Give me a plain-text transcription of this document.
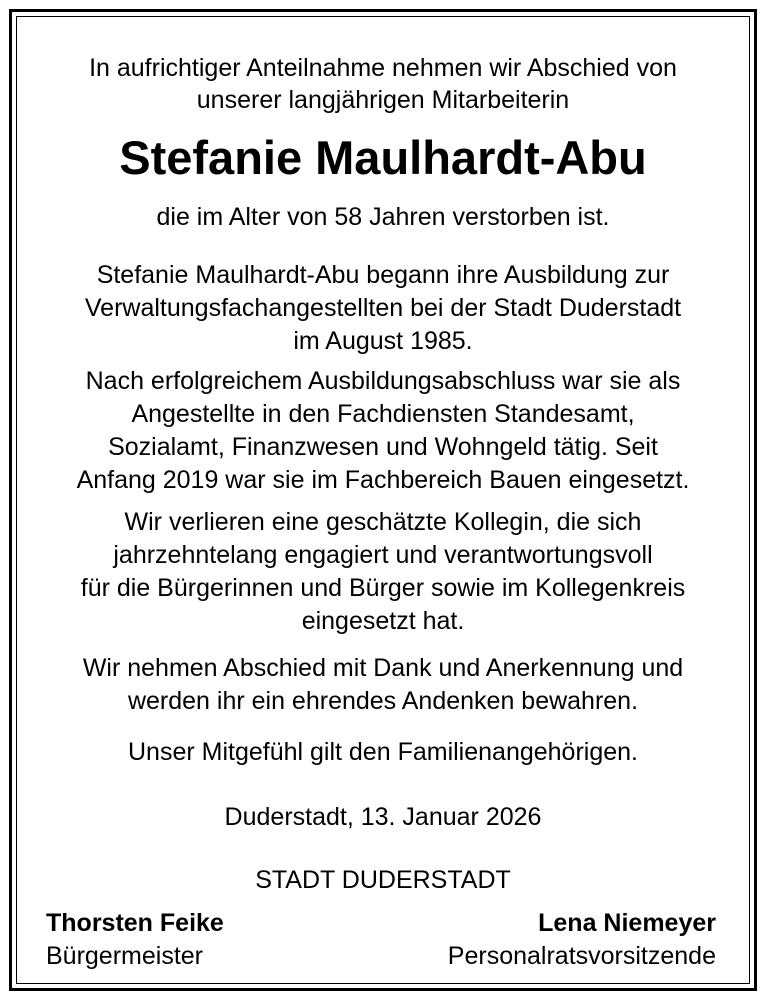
In aufrichtiger Anteilnahme nehmen wir Abschied von
unserer langjährigen Mitarbeiterin
Stefanie Maulhardt-Abu
die im Alter von 58 Jahren verstorben ist.
Stefanie Maulhardt-Abu begann ihre Ausbildung zur
Verwaltungsfachangestellten bei der Stadt Duderstadt
im August 1985.
Nach erfolgreichem Ausbildungsabschluss war sie als
Angestellte in den Fachdiensten Standesamt,
Sozialamt, Finanzwesen und Wohngeld tätig. Seit
Anfang 2019 war sie im Fachbereich Bauen eingesetzt.
Wir verlieren eine geschätzte Kollegin, die sich
jahrzehntelang engagiert und verantwortungsvoll
für die Bürgerinnen und Bürger sowie im Kollegenkreis
eingesetzt hat.
Wir nehmen Abschied mit Dank und Anerkennung und
werden ihr ein ehrendes Andenken bewahren.
Unser Mitgefühl gilt den Familienangehörigen.
Duderstadt, 13. Januar 2026
STADT DUDERSTADT
Thorsten Feike
Bürgermeister
Lena Niemeyer
Personalratsvorsitzende
